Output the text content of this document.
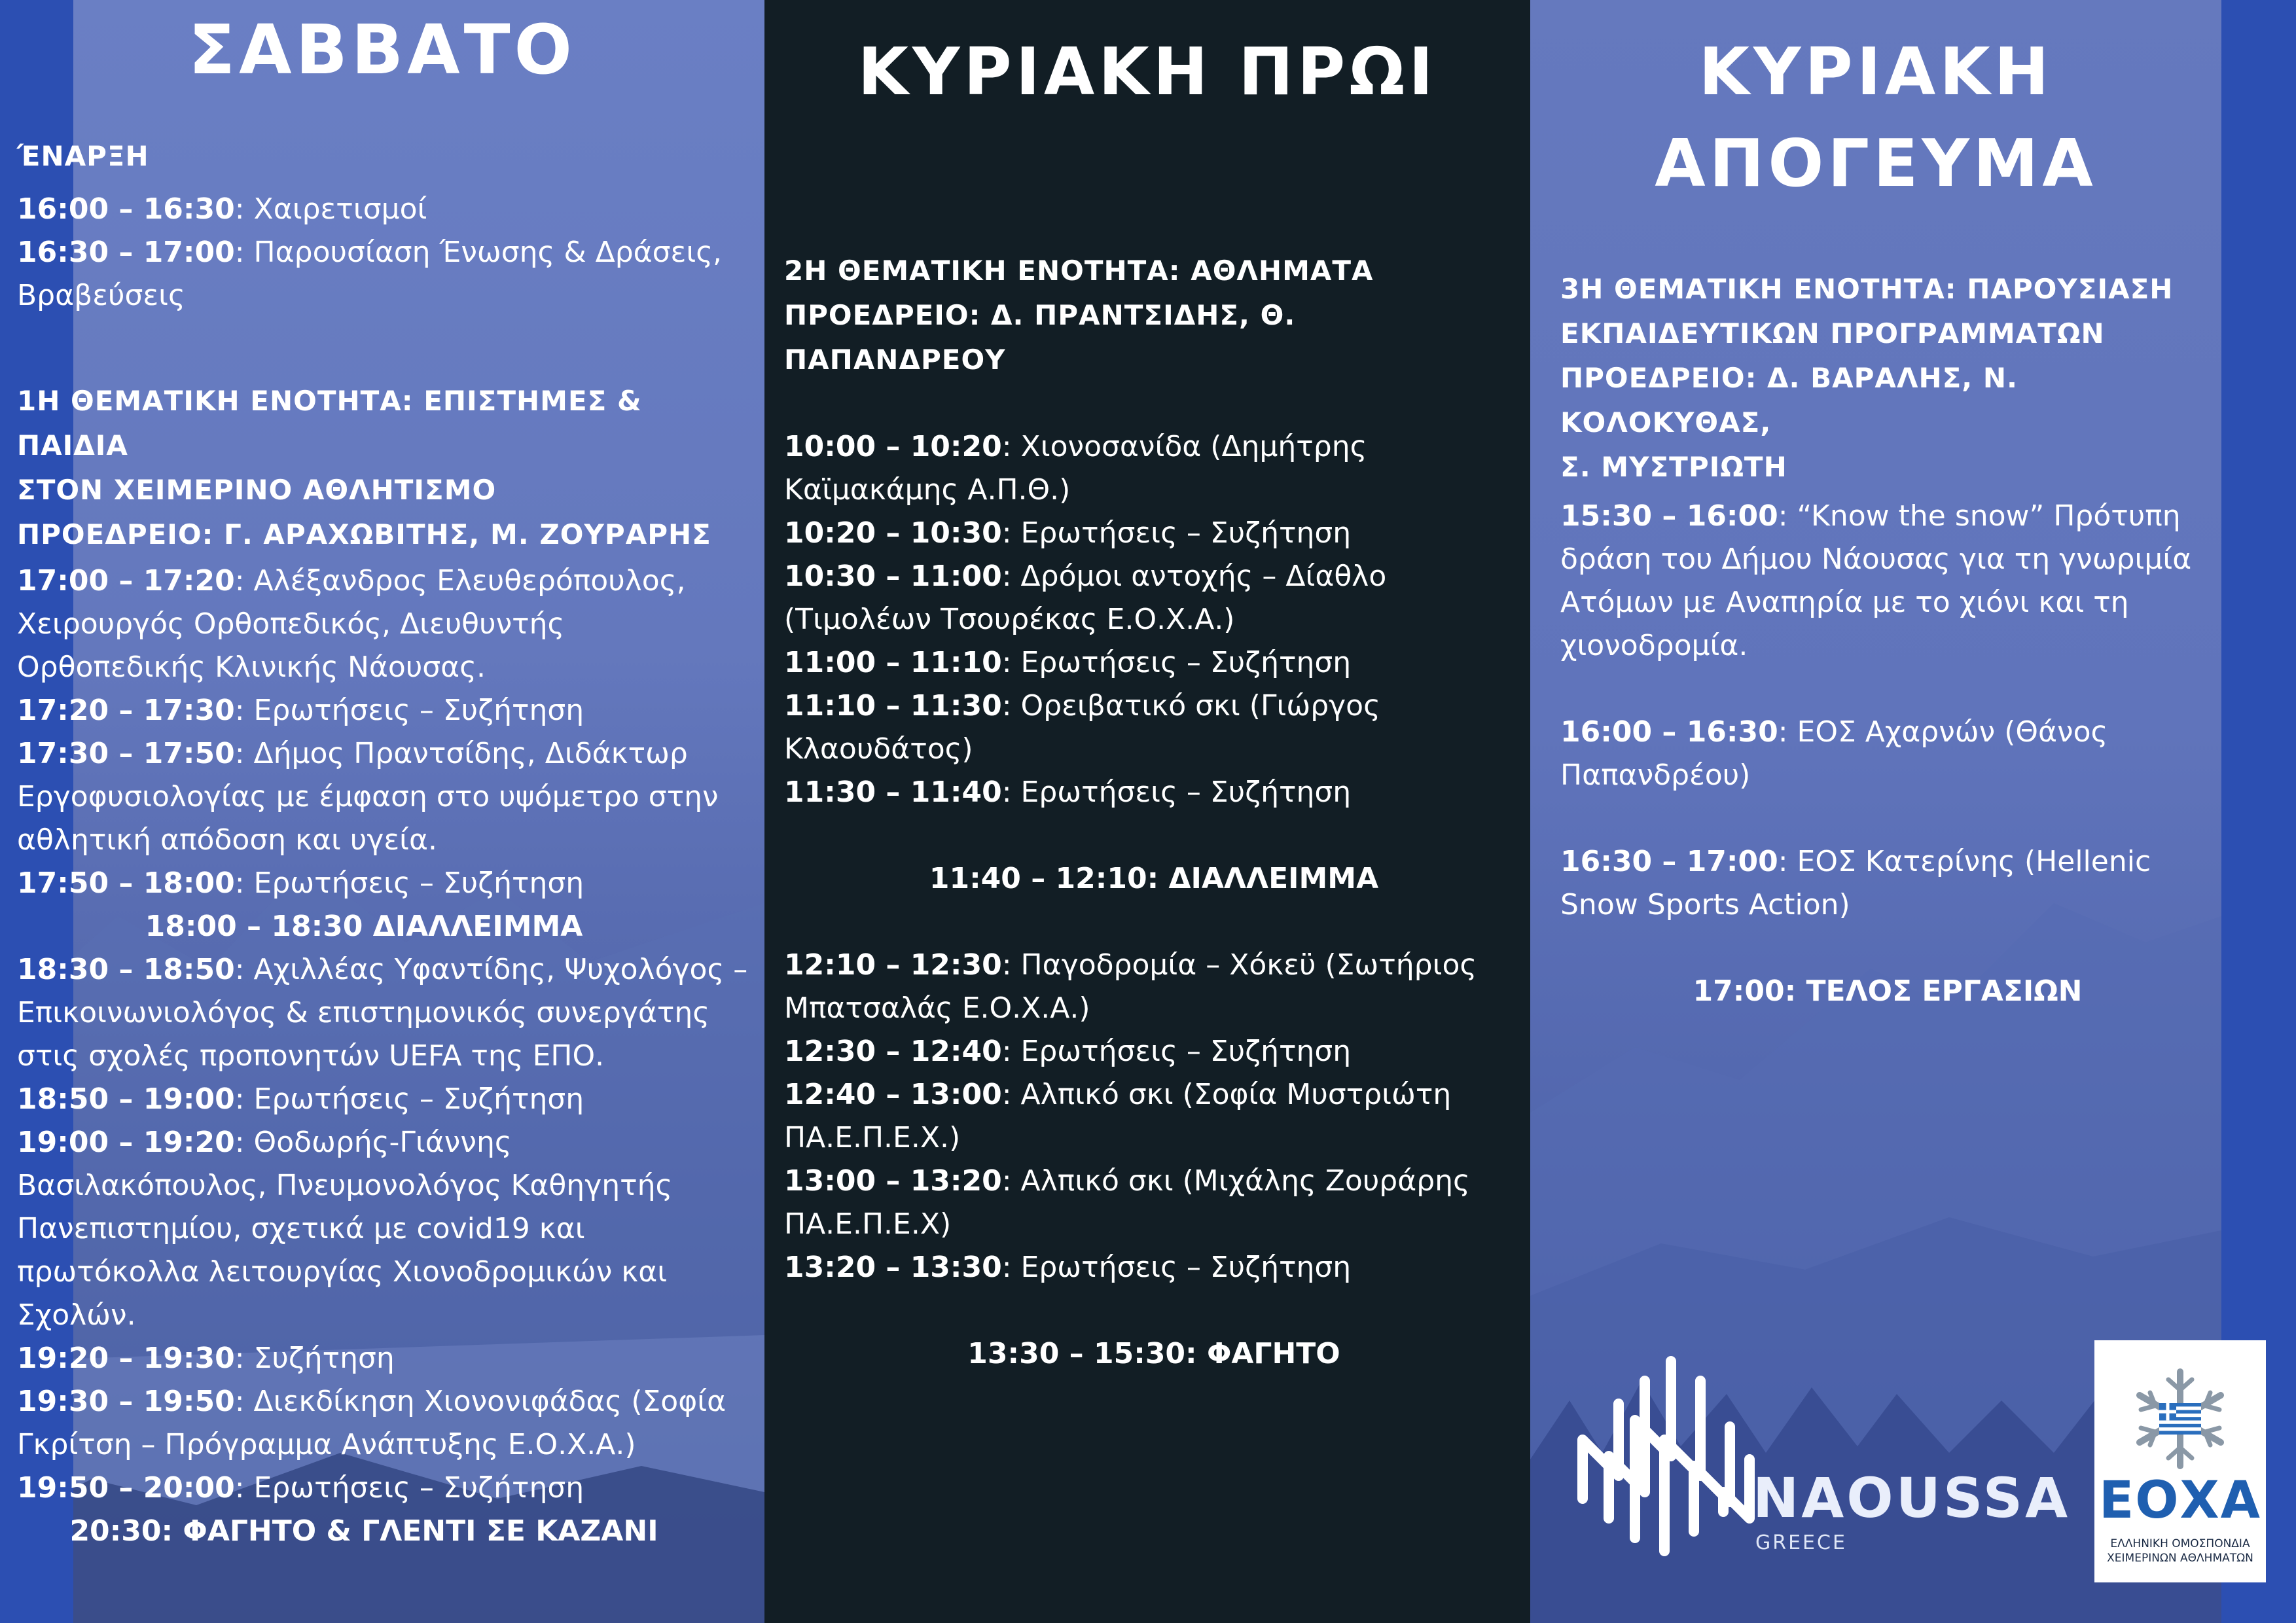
ΣΑΒΒΑΤΟ

ΈΝΑΡΞΗ

16:00 – 16:30: Χαιρετισμοί

16:30 – 17:00: Παρουσίαση Ένωσης & Δράσεις, Βραβεύσεις

1Η ΘΕΜΑΤΙΚΗ ΕΝΟΤΗΤΑ: ΕΠΙΣΤΗΜΕΣ & ΠΑΙΔΙΑ

ΣΤΟΝ ΧΕΙΜΕΡΙΝΟ ΑΘΛΗΤΙΣΜΟ

ΠΡΟΕΔΡΕΙΟ: Γ. ΑΡΑΧΩΒΙΤΗΣ, Μ. ΖΟΥΡΑΡΗΣ

17:00 – 17:20: Αλέξανδρος Ελευθερόπουλος, Χειρουργός Ορθοπεδικός, Διευθυντής Ορθοπεδικής Κλινικής Νάουσας.

17:20 – 17:30: Ερωτήσεις – Συζήτηση

17:30 – 17:50: Δήμος Πραντσίδης, Διδάκτωρ Εργοφυσιολογίας με έμφαση στο υψόμετρο στην αθλητική απόδοση και υγεία.

17:50 – 18:00: Ερωτήσεις – Συζήτηση

18:00 – 18:30 ΔΙΑΛΛΕΙΜΜΑ

18:30 – 18:50: Αχιλλέας Υφαντίδης, Ψυχολόγος – Επικοινωνιολόγος & επιστημονικός συνεργάτης στις σχολές προπονητών UEFA της ΕΠΟ.

18:50 – 19:00: Ερωτήσεις – Συζήτηση

19:00 – 19:20: Θοδωρής-Γιάννης Βασιλακόπουλος, Πνευμονολόγος Καθηγητής Πανεπιστημίου, σχετικά με covid19 και πρωτόκολλα λειτουργίας Χιονοδρομικών και Σχολών.

19:20 – 19:30: Συζήτηση

19:30 – 19:50: Διεκδίκηση Χιονονιφάδας (Σοφία Γκρίτση – Πρόγραμμα Ανάπτυξης Ε.Ο.Χ.Α.)

19:50 – 20:00: Ερωτήσεις – Συζήτηση

20:30: ΦΑΓΗΤΟ & ΓΛΕΝΤΙ ΣΕ ΚΑΖΑΝΙ

ΚΥΡΙΑΚΗ ΠΡΩΙ

2Η ΘΕΜΑΤΙΚΗ ΕΝΟΤΗΤΑ: ΑΘΛΗΜΑΤΑ

ΠΡΟΕΔΡΕΙΟ: Δ. ΠΡΑΝΤΣΙΔΗΣ, Θ. ΠΑΠΑΝΔΡΕΟΥ

10:00 – 10:20: Χιονοσανίδα (Δημήτρης Καϊμακάμης Α.Π.Θ.)

10:20 – 10:30: Ερωτήσεις – Συζήτηση

10:30 – 11:00: Δρόμοι αντοχής – Δίαθλο (Τιμολέων Τσουρέκας Ε.Ο.Χ.Α.)

11:00 – 11:10: Ερωτήσεις – Συζήτηση

11:10 – 11:30: Ορειβατικό σκι (Γιώργος Κλαουδάτος)

11:30 – 11:40: Ερωτήσεις – Συζήτηση

11:40 – 12:10: ΔΙΑΛΛΕΙΜΜΑ

12:10 – 12:30: Παγοδρομία – Χόκεϋ (Σωτήριος Μπατσαλάς Ε.Ο.Χ.Α.)

12:30 – 12:40: Ερωτήσεις – Συζήτηση

12:40 – 13:00: Αλπικό σκι (Σοφία Μυστριώτη ΠΑ.Ε.Π.Ε.Χ.)

13:00 – 13:20: Αλπικό σκι (Μιχάλης Ζουράρης ΠΑ.Ε.Π.Ε.Χ)

13:20 – 13:30: Ερωτήσεις – Συζήτηση

13:30 – 15:30: ΦΑΓΗΤΟ

ΚΥΡΙΑΚΗ
ΑΠΟΓΕΥΜΑ

3Η ΘΕΜΑΤΙΚΗ ΕΝΟΤΗΤΑ: ΠΑΡΟΥΣΙΑΣΗ

ΕΚΠΑΙΔΕΥΤΙΚΩΝ ΠΡΟΓΡΑΜΜΑΤΩΝ

ΠΡΟΕΔΡΕΙΟ: Δ. ΒΑΡΑΛΗΣ, Ν. ΚΟΛΟΚΥΘΑΣ,

Σ. ΜΥΣΤΡΙΩΤΗ

15:30 – 16:00: “Know the snow” Πρότυπη δράση του Δήμου Νάουσας για τη γνωριμία Ατόμων με Αναπηρία με το χιόνι και τη χιονοδρομία.

16:00 – 16:30: ΕΟΣ Αχαρνών (Θάνος Παπανδρέου)

16:30 – 17:00: ΕΟΣ Κατερίνης (Hellenic Snow Sports Action)

17:00: ΤΕΛΟΣ ΕΡΓΑΣΙΩΝ

NAOUSSA
GREECE
ΕΟΧΑ
ΕΛΛΗΝΙΚΗ ΟΜΟΣΠΟΝΔΙΑ
ΧΕΙΜΕΡΙΝΩΝ ΑΘΛΗΜΑΤΩΝ
